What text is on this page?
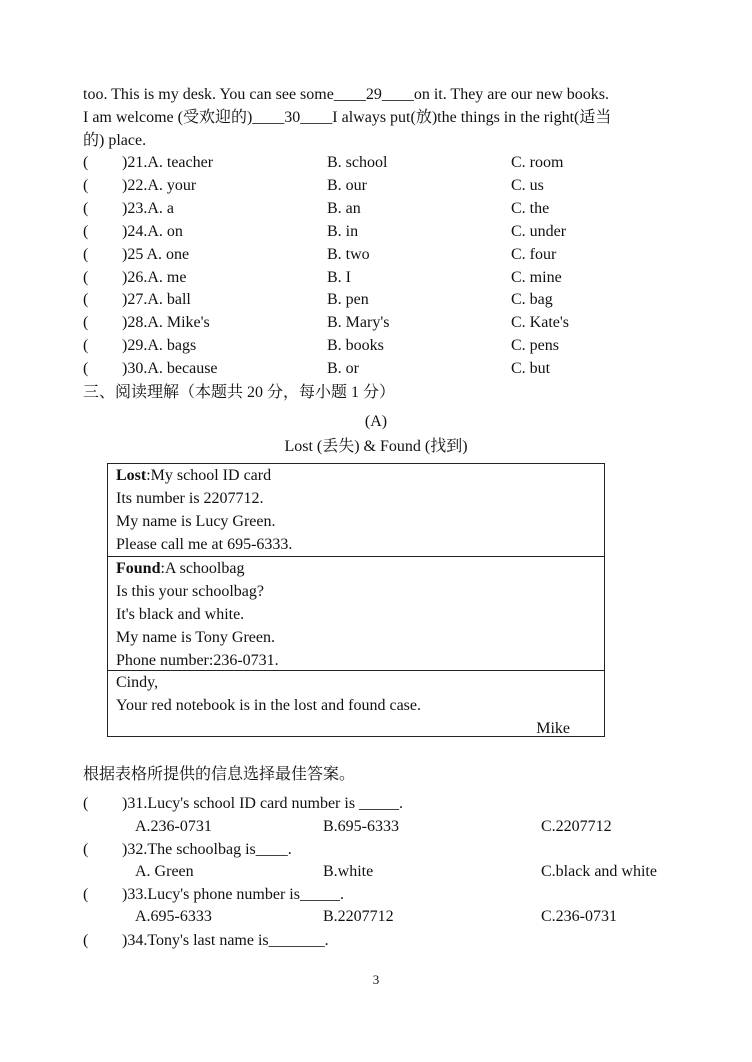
too. This is my desk. You can see some____29____on it. They are our new books.
I am welcome (受欢迎的)____30____I always put(放)the things in the right(适当
的) place.
( )21.A. teacher	B. school	C. room
( )22.A. your	B. our	C. us
( )23.A. a	B. an	C. the
( )24.A. on	B. in	C. under
( )25 A. one	B. two	C. four
( )26.A. me	B. I	C. mine
( )27.A. ball	B. pen	C. bag
( )28.A. Mike's	B. Mary's	C. Kate's
( )29.A. bags	B. books	C. pens
( )30.A. because	B. or	C. but
三、阅读理解（本题共 20 分，每小题 1 分）
(A)
Lost (丢失) & Found (找到)
Lost:My school ID card
Its number is 2207712.
My name is Lucy Green.
Please call me at 695-6333.
Found:A schoolbag
Is this your schoolbag?
It's black and white.
My name is Tony Green.
Phone number:236-0731.
Cindy,
Your red notebook is in the lost and found case.
Mike
根据表格所提供的信息选择最佳答案。
( )31.Lucy's school ID card number is _____.
A.236-0731	B.695-6333	C.2207712
( )32.The schoolbag is____.
A. Green	B.white	C.black and white
( )33.Lucy's phone number is_____.
A.695-6333	B.2207712	C.236-0731
( )34.Tony's last name is_______.
3
